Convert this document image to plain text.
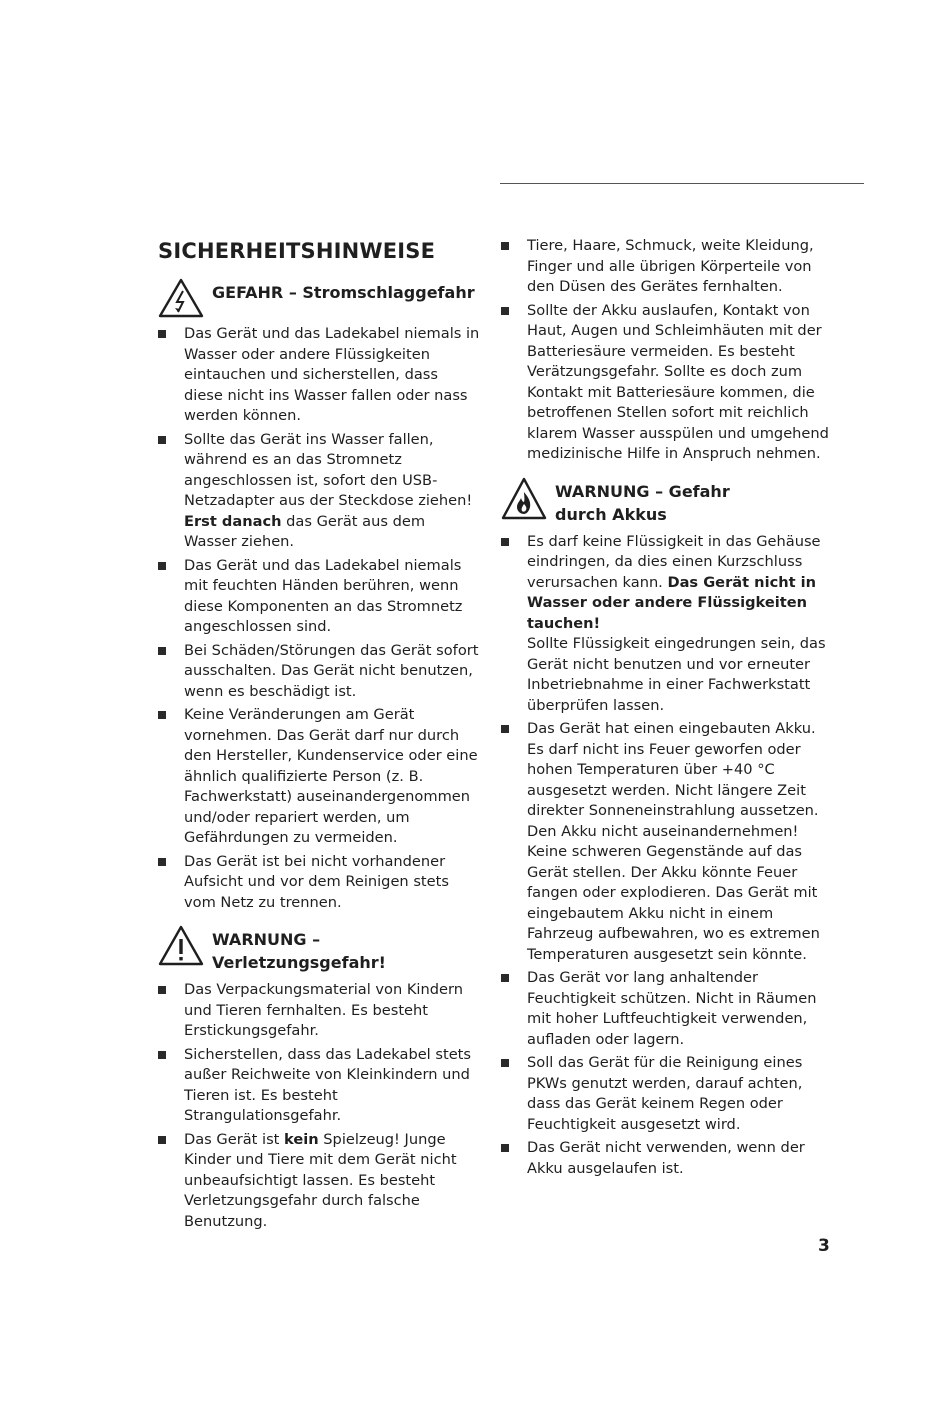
SICHERHEITSHINWEISE
GEFAHR – Stromschlaggefahr
Das Gerät und das Ladekabel niemals in Wasser oder andere Flüssigkeiten eintauchen und sicherstellen, dass diese nicht ins Wasser fallen oder nass werden können.
Sollte das Gerät ins Wasser fallen, während es an das Stromnetz angeschlossen ist, sofort den USB-Netzadapter aus der Steckdose ziehen! Erst danach das Gerät aus dem Wasser ziehen.
Das Gerät und das Ladekabel niemals mit feuchten Händen berühren, wenn diese Komponenten an das Stromnetz angeschlossen sind.
Bei Schäden/Störungen das Gerät sofort ausschalten. Das Gerät nicht benutzen, wenn es beschädigt ist.
Keine Veränderungen am Gerät vornehmen. Das Gerät darf nur durch den Hersteller, Kundenservice oder eine ähnlich qualifizierte Person (z. B. Fachwerkstatt) auseinandergenommen und/oder repariert werden, um Gefährdungen zu vermeiden.
Das Gerät ist bei nicht vorhandener Aufsicht und vor dem Reinigen stets vom Netz zu trennen.
WARNUNG –
Verletzungsgefahr!
Das Verpackungsmaterial von Kindern und Tieren fernhalten. Es besteht Erstickungsgefahr.
Sicherstellen, dass das Ladekabel stets außer Reichweite von Kleinkindern und Tieren ist. Es besteht Strangulationsgefahr.
Das Gerät ist kein Spielzeug! Junge Kinder und Tiere mit dem Gerät nicht unbeaufsichtigt lassen. Es besteht Verletzungsgefahr durch falsche Benutzung.
Tiere, Haare, Schmuck, weite Kleidung, Finger und alle übrigen Körperteile von den Düsen des Gerätes fernhalten.
Sollte der Akku auslaufen, Kontakt von Haut, Augen und Schleimhäuten mit der Batteriesäure vermeiden. Es besteht Verätzungsgefahr. Sollte es doch zum Kontakt mit Batteriesäure kommen, die betroffenen Stellen sofort mit reichlich klarem Wasser ausspülen und umgehend medizinische Hilfe in Anspruch nehmen.
WARNUNG – Gefahr
durch Akkus
Es darf keine Flüssigkeit in das Gehäuse eindringen, da dies einen Kurzschluss verursachen kann. Das Gerät nicht in Wasser oder andere Flüssigkeiten tauchen!
Sollte Flüssigkeit eingedrungen sein, das Gerät nicht benutzen und vor erneuter Inbetriebnahme in einer Fachwerkstatt überprüfen lassen.
Das Gerät hat einen eingebauten Akku. Es darf nicht ins Feuer geworfen oder hohen Temperaturen über +40 °C ausgesetzt werden. Nicht längere Zeit direkter Sonneneinstrahlung aussetzen. Den Akku nicht auseinandernehmen! Keine schweren Gegenstände auf das Gerät stellen. Der Akku könnte Feuer fangen oder explodieren. Das Gerät mit eingebautem Akku nicht in einem Fahrzeug aufbewahren, wo es extremen Temperaturen ausgesetzt sein könnte.
Das Gerät vor lang anhaltender Feuchtigkeit schützen. Nicht in Räumen mit hoher Luftfeuchtigkeit verwenden, aufladen oder lagern.
Soll das Gerät für die Reinigung eines PKWs genutzt werden, darauf achten, dass das Gerät keinem Regen oder Feuchtigkeit ausgesetzt wird.
Das Gerät nicht verwenden, wenn der Akku ausgelaufen ist.
3
